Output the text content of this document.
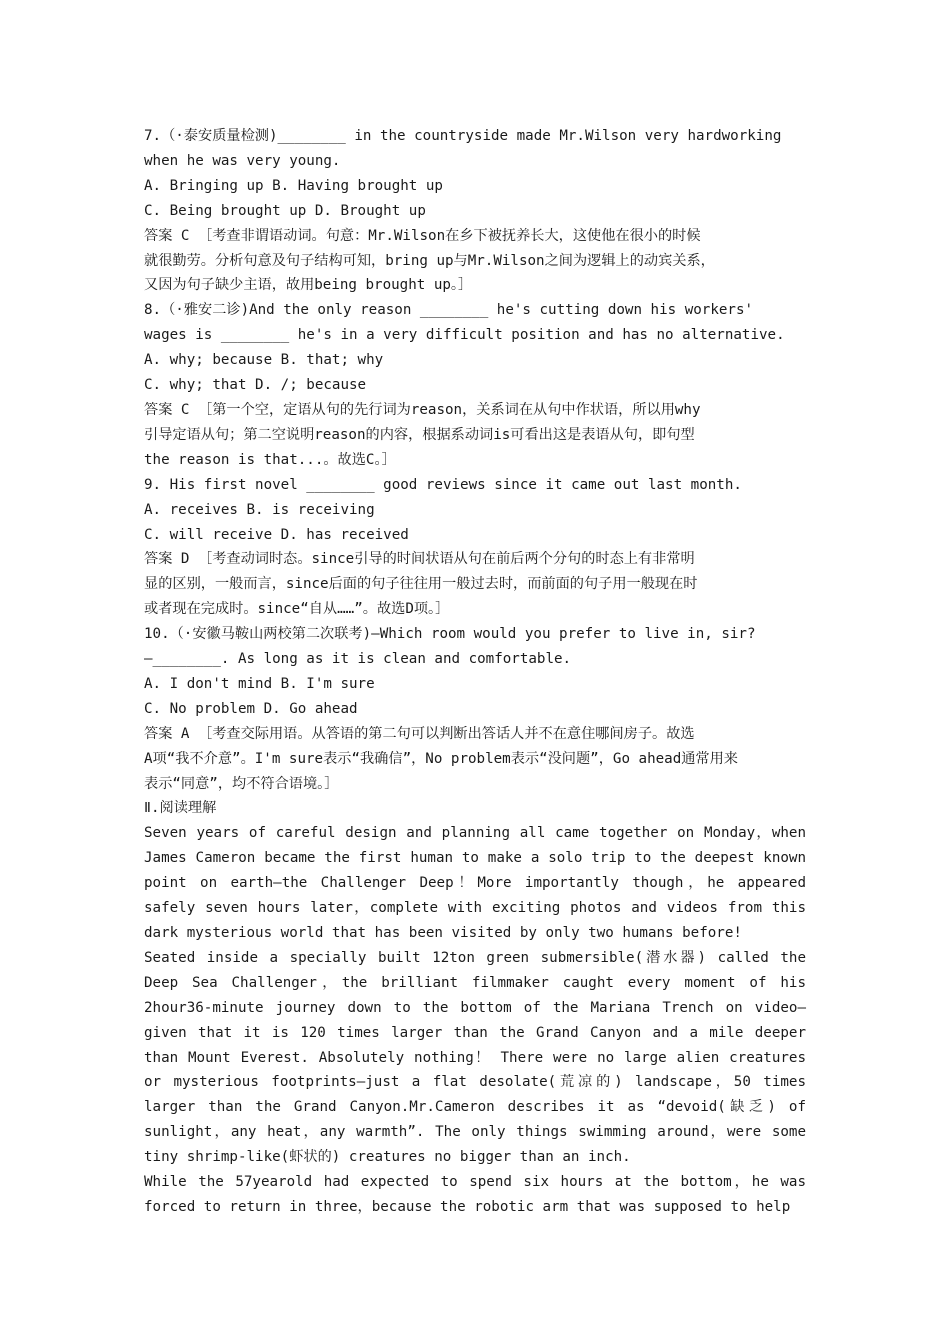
7.（·泰安质量检测)________ in the countryside made Mr.Wilson very hardworking

when he was very young.

A. Bringing up B. Having brought up

C. Being brought up D. Brought up

答案 C ［考查非谓语动词。句意：Mr.Wilson在乡下被抚养长大，这使他在很小的时候

就很勤劳。分析句意及句子结构可知，bring up与Mr.Wilson之间为逻辑上的动宾关系，

又因为句子缺少主语，故用being brought up。］

8.（·雅安二诊)And the only reason ________ he's cutting down his workers'

wages is ________ he's in a very difficult position and has no alternative.

A. why; because B. that; why

C. why; that D. /; because

答案 C ［第一个空，定语从句的先行词为reason，关系词在从句中作状语，所以用why

引导定语从句；第二空说明reason的内容，根据系动词is可看出这是表语从句，即句型

the reason is that...。故选C。］

9. His first novel ________ good reviews since it came out last month.

A. receives B. is receiving

C. will receive D. has received

答案 D ［考查动词时态。since引导的时间状语从句在前后两个分句的时态上有非常明

显的区别，一般而言，since后面的句子往往用一般过去时，而前面的句子用一般现在时

或者现在完成时。since“自从……”。故选D项。］

10.（·安徽马鞍山两校第二次联考)—Which room would you prefer to live in, sir?

—________. As long as it is clean and comfortable.

A. I don't mind B. I'm sure

C. No problem D. Go ahead

答案 A ［考查交际用语。从答语的第二句可以判断出答话人并不在意住哪间房子。故选

A项“我不介意”。I'm sure表示“我确信”，No problem表示“没问题”，Go ahead通常用来

表示“同意”，均不符合语境。］

Ⅱ.阅读理解

Seven years of careful design and planning all came together on Monday，when James Cameron became the first human to make a solo trip to the deepest known point on earth—the Challenger Deep！More importantly though，he appeared safely seven hours later，complete with exciting photos and videos from this dark mysterious world that has been visited by only two humans before!

Seated inside a specially built 12ton green submersible(潜水器) called the Deep Sea Challenger，the brilliant filmmaker caught every moment of his 2hour36-minute journey down to the bottom of the Mariana Trench on video—given that it is 120 times larger than the Grand Canyon and a mile deeper than Mount Everest. Absolutely nothing！ There were no large alien creatures or mysterious footprints—just a flat desolate(荒凉的) landscape，50 times larger than the Grand Canyon.Mr.Cameron describes it as “devoid(缺乏) of sunlight，any heat，any warmth”. The only things swimming around，were some tiny shrimp-like(虾状的) creatures no bigger than an inch.

While the 57yearold had expected to spend six hours at the bottom，he was forced to return in three，because the robotic arm that was supposed to help
